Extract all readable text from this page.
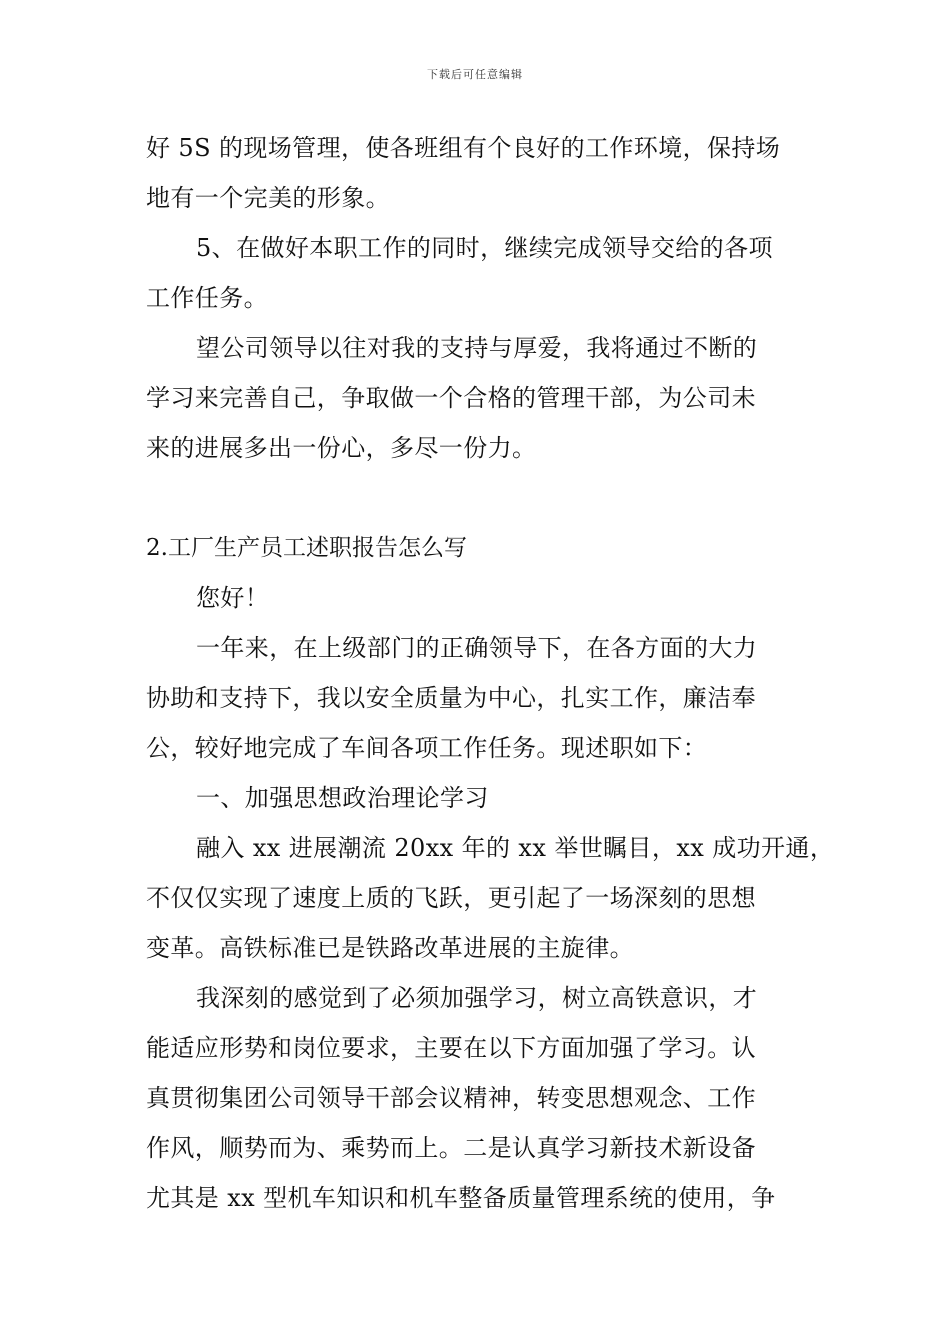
下载后可任意编辑
好 5S 的现场管理，使各班组有个良好的工作环境，保持场
地有一个完美的形象。
5、在做好本职工作的同时，继续完成领导交给的各项
工作任务。
望公司领导以往对我的支持与厚爱，我将通过不断的
学习来完善自己，争取做一个合格的管理干部，为公司未
来的进展多出一份心，多尽一份力。
2.工厂生产员工述职报告怎么写
您好！
一年来，在上级部门的正确领导下，在各方面的大力
协助和支持下，我以安全质量为中心，扎实工作，廉洁奉
公，较好地完成了车间各项工作任务。现述职如下：
一、加强思想政治理论学习
融入 xx 进展潮流 20xx 年的 xx 举世瞩目，xx 成功开通，
不仅仅实现了速度上质的飞跃，更引起了一场深刻的思想
变革。高铁标准已是铁路改革进展的主旋律。
我深刻的感觉到了必须加强学习，树立高铁意识，才
能适应形势和岗位要求，主要在以下方面加强了学习。认
真贯彻集团公司领导干部会议精神，转变思想观念、工作
作风，顺势而为、乘势而上。二是认真学习新技术新设备
尤其是 xx 型机车知识和机车整备质量管理系统的使用，争
